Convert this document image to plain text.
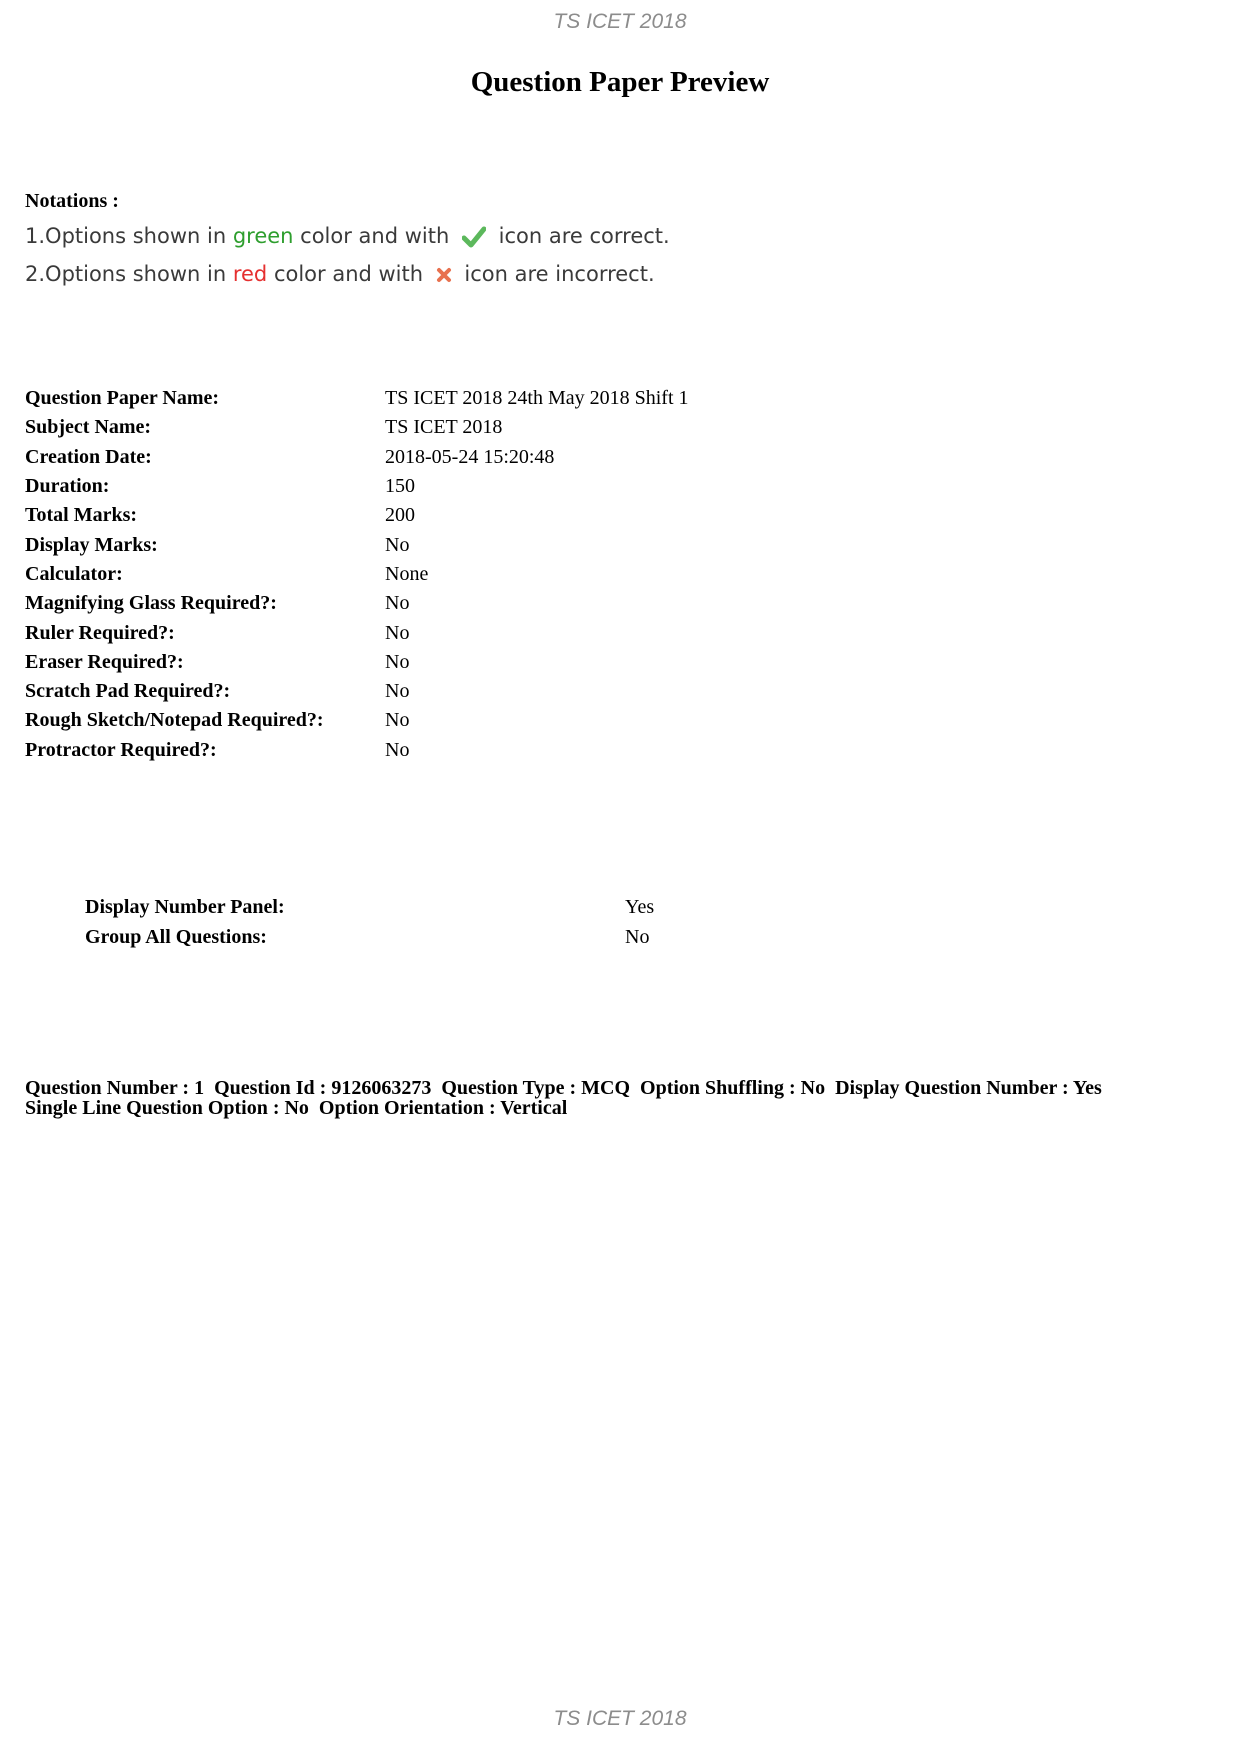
TS ICET 2018
Question Paper Preview

Notations :

1.Options shown in green color and with
icon are correct.
2.Options shown in red color and with
icon are incorrect.
Question Paper Name:	TS ICET 2018 24th May 2018 Shift 1
Subject Name:	TS ICET 2018
Creation Date:	2018-05-24 15:20:48
Duration:	150
Total Marks:	200
Display Marks:	No
Calculator:	None
Magnifying Glass Required?:	No
Ruler Required?:	No
Eraser Required?:	No
Scratch Pad Required?:	No
Rough Sketch/Notepad Required?:	No
Protractor Required?:	No
Display Number Panel:	Yes
Group All Questions:	No
Question Number : 1  Question Id : 9126063273  Question Type : MCQ  Option Shuffling : No  Display Question Number : Yes
Single Line Question Option : No  Option Orientation : Vertical
TS ICET 2018
